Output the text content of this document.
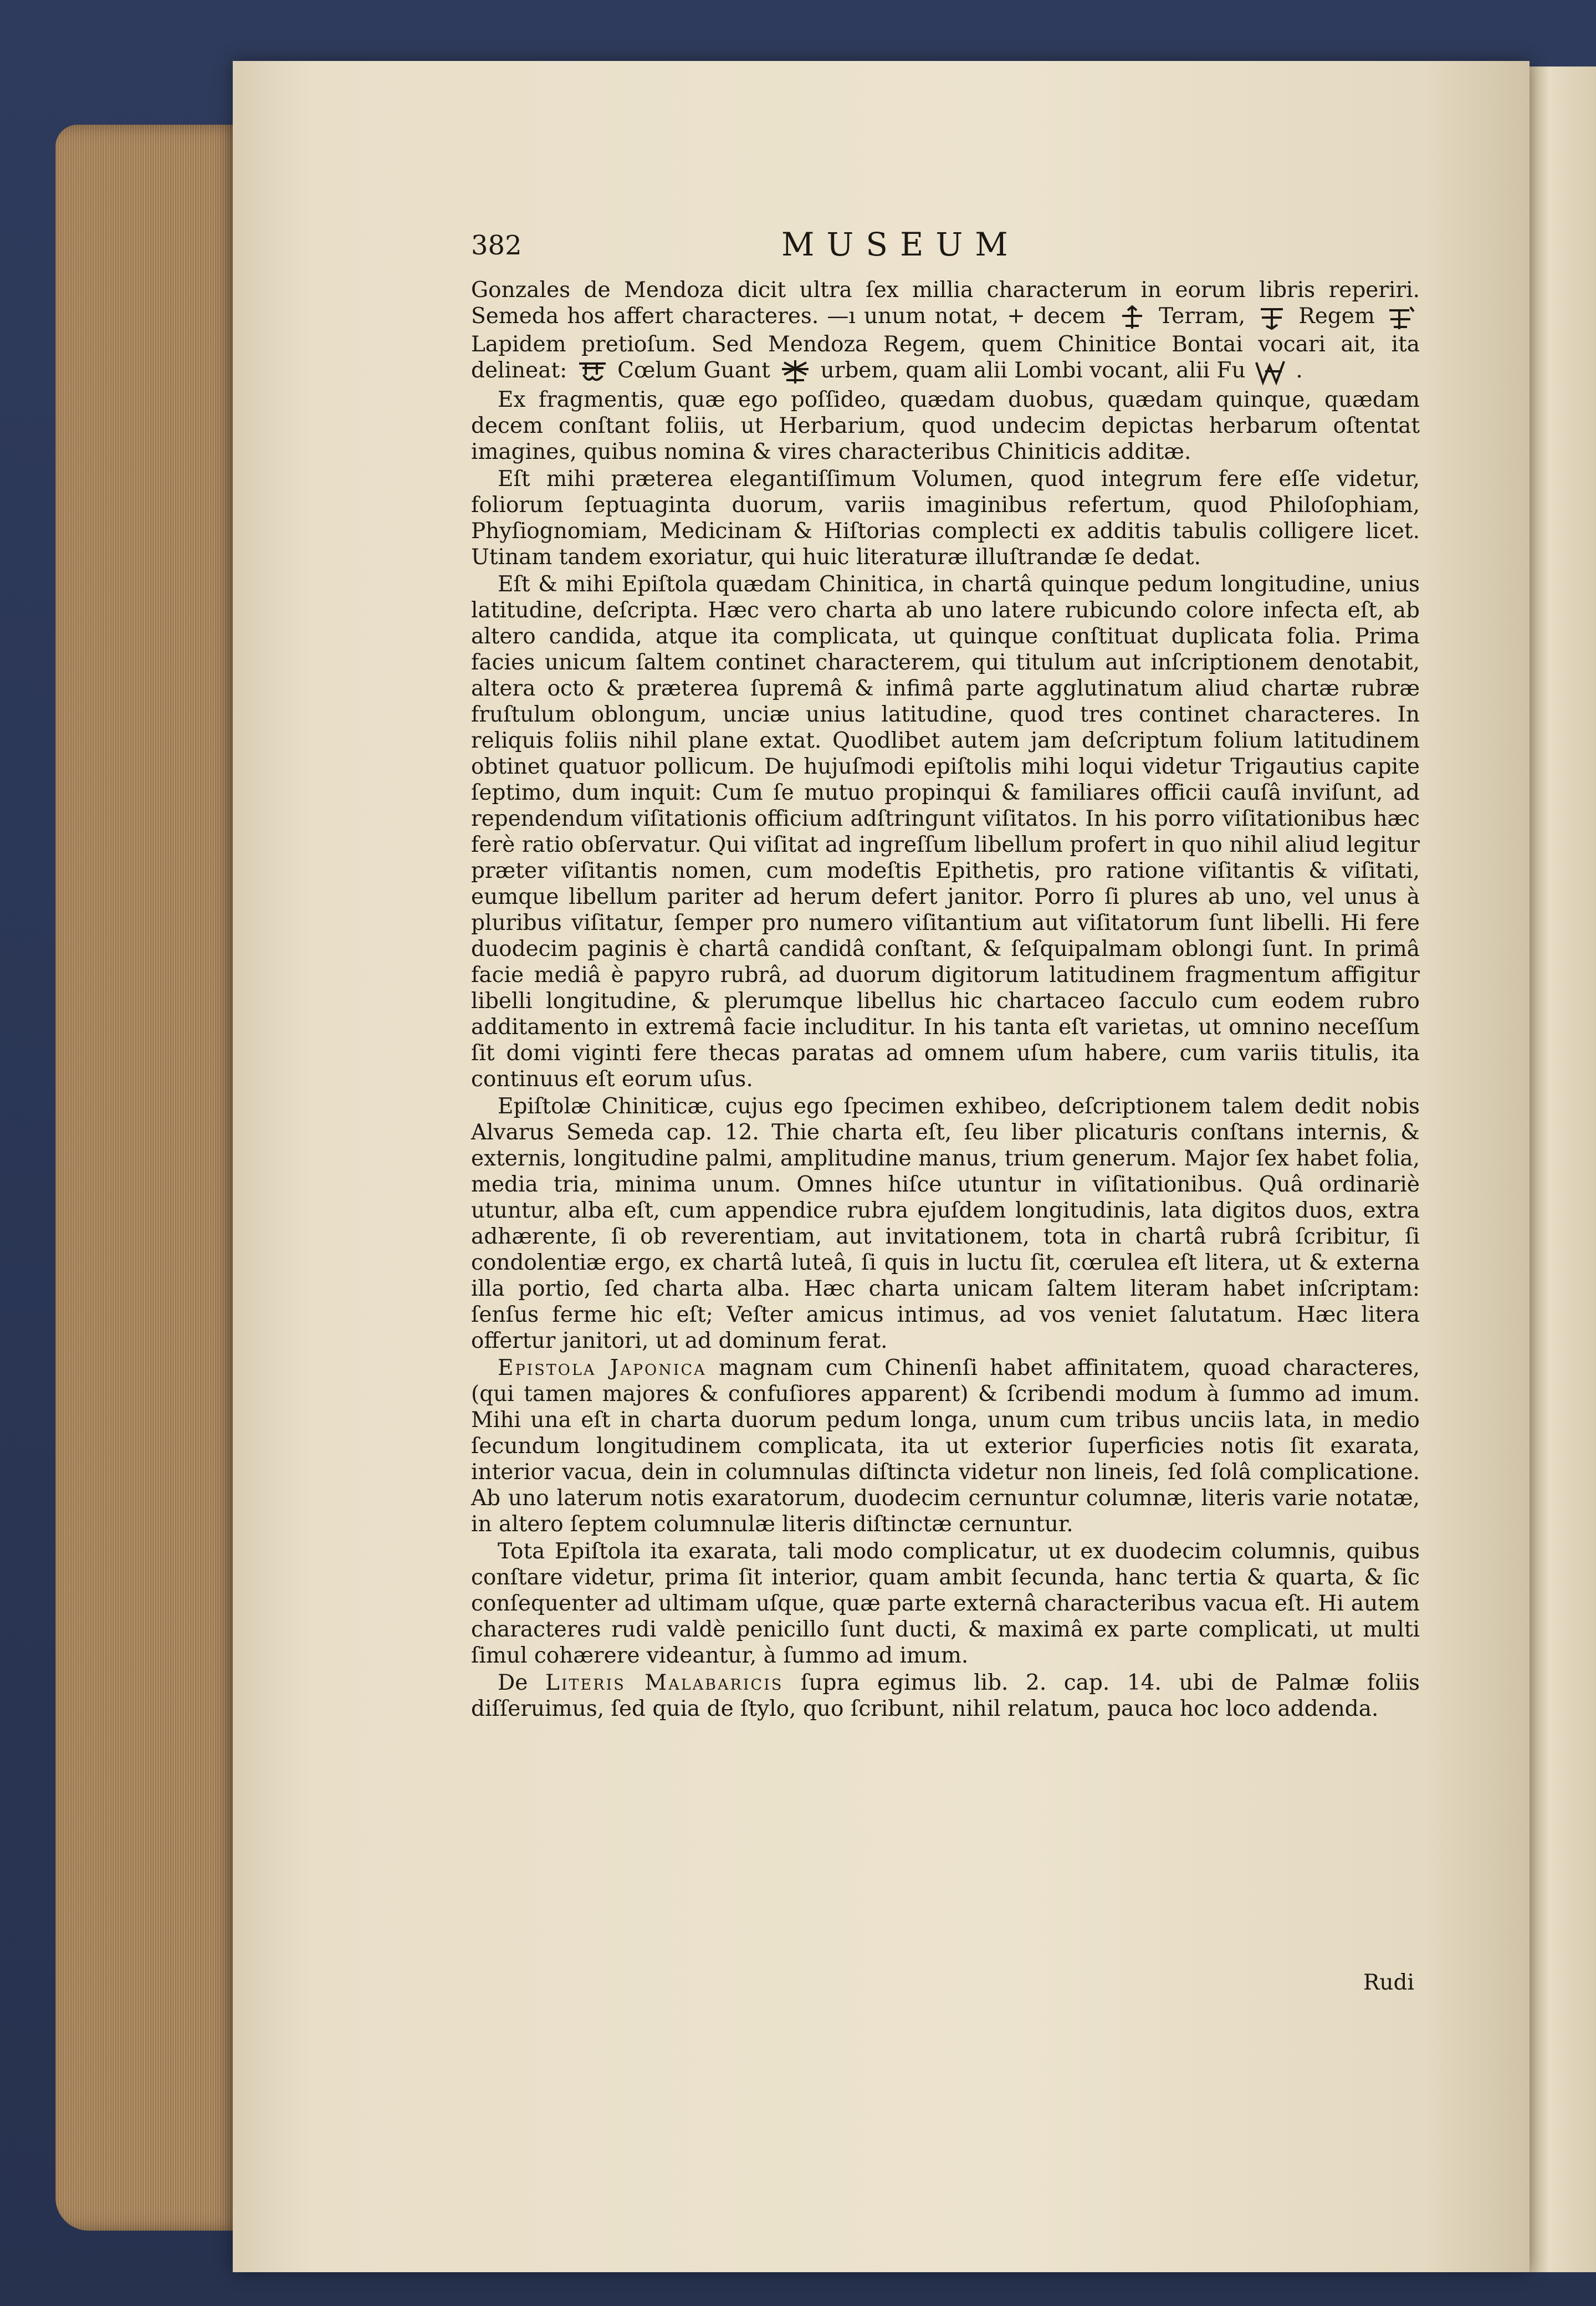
382	MUSEUM

Gonzales de Mendoza dicit ultra ſex millia characterum in eorum libris reperiri. Semeda hos affert characteres. —ı unum notat, + decem Terram, Regem  Lapidem pretioſum. Sed Mendoza Regem, quem Chinitice Bontai vocari ait, ita delineat: Cœlum Guant urbem, quam alii Lombi vocant, alii Fu .

Ex fragmentis, quæ ego poſſideo, quædam duobus, quædam quinque, quædam decem conſtant foliis, ut Herbarium, quod undecim depictas herbarum oſtentat imagines, quibus nomina & vires characteribus Chiniticis additæ.

Eſt mihi præterea elegantiſſimum Volumen, quod integrum fere eſſe videtur, foliorum ſeptuaginta duorum, variis imaginibus refertum, quod Philoſophiam, Phyſiognomiam, Medicinam & Hiſtorias complecti ex additis tabulis colligere licet. Utinam tandem exoriatur, qui huic literaturæ illuſtrandæ ſe dedat.

Eſt & mihi Epiſtola quædam Chinitica, in chartâ quinque pedum longitudine, unius latitudine, deſcripta. Hæc vero charta ab uno latere rubicundo colore infecta eſt, ab altero candida, atque ita complicata, ut quinque conſtituat duplicata folia. Prima facies unicum ſaltem continet characterem, qui titulum aut inſcriptionem denotabit, altera octo & præterea ſupremâ & infimâ parte agglutinatum aliud chartæ rubræ fruſtulum oblongum, unciæ unius latitudine, quod tres continet characteres. In reliquis foliis nihil plane extat. Quodlibet autem jam deſcriptum folium latitudinem obtinet quatuor pollicum. De hujuſmodi epiſtolis mihi loqui videtur Trigautius capite ſeptimo, dum inquit: Cum ſe mutuo propinqui & familiares officii cauſâ inviſunt, ad rependendum viſitationis officium adſtringunt viſitatos. In his porro viſitationibus hæc ferè ratio obſervatur. Qui viſitat ad ingreſſum libellum profert in quo nihil aliud legitur præter viſitantis nomen, cum modeſtis Epithetis, pro ratione viſitantis & viſitati, eumque libellum pariter ad herum defert janitor. Porro ſi plures ab uno, vel unus à pluribus viſitatur, ſemper pro numero viſitantium aut viſitatorum ſunt libelli. Hi fere duodecim paginis è chartâ candidâ conſtant, & ſeſquipalmam oblongi ſunt. In primâ facie mediâ è papyro rubrâ, ad duorum digitorum latitudinem fragmentum affigitur libelli longitudine, & plerumque libellus hic chartaceo ſacculo cum eodem rubro additamento in extremâ facie includitur. In his tanta eſt varietas, ut omnino neceſſum ſit domi viginti fere thecas paratas ad omnem uſum habere, cum variis titulis, ita continuus eſt eorum uſus.

Epiſtolæ Chiniticæ, cujus ego ſpecimen exhibeo, deſcriptionem talem dedit nobis Alvarus Semeda cap. 12. Thie charta eſt, ſeu liber plicaturis conſtans internis, & externis, longitudine palmi, amplitudine manus, trium generum. Major ſex habet folia, media tria, minima unum. Omnes hiſce utuntur in viſitationibus. Quâ ordinariè utuntur, alba eſt, cum appendice rubra ejuſdem longitudinis, lata digitos duos, extra adhærente, ſi ob reverentiam, aut invitationem, tota in chartâ rubrâ ſcribitur, ſi condolentiæ ergo, ex chartâ luteâ, ſi quis in luctu ſit, cœrulea eſt litera, ut & externa illa portio, ſed charta alba. Hæc charta unicam ſaltem literam habet inſcriptam: ſenſus ferme hic eſt; Veſter amicus intimus, ad vos veniet ſalutatum. Hæc litera offertur janitori, ut ad dominum ferat.

Epistola Japonica magnam cum Chinenſi habet affinitatem, quoad characteres, (qui tamen majores & confuſiores apparent) & ſcribendi modum à ſummo ad imum. Mihi una eſt in charta duorum pedum longa, unum cum tribus unciis lata, in medio ſecundum longitudinem complicata, ita ut exterior ſuperficies notis ſit exarata, interior vacua, dein in columnulas diſtincta videtur non lineis, ſed ſolâ complicatione. Ab uno laterum notis exaratorum, duodecim cernuntur columnæ, literis varie notatæ, in altero ſeptem columnulæ literis diſtinctæ cernuntur.

Tota Epiſtola ita exarata, tali modo complicatur, ut ex duodecim columnis, quibus conſtare videtur, prima ſit interior, quam ambit ſecunda, hanc tertia & quarta, & ſic conſequenter ad ultimam uſque, quæ parte externâ characteribus vacua eſt. Hi autem characteres rudi valdè penicillo ſunt ducti, & maximâ ex parte complicati, ut multi ſimul cohærere videantur, à ſummo ad imum.

De Literis Malabaricis ſupra egimus lib. 2. cap. 14. ubi de Palmæ foliis diſſeruimus, ſed quia de ſtylo, quo ſcribunt, nihil relatum, pauca hoc loco addenda.

Rudi
